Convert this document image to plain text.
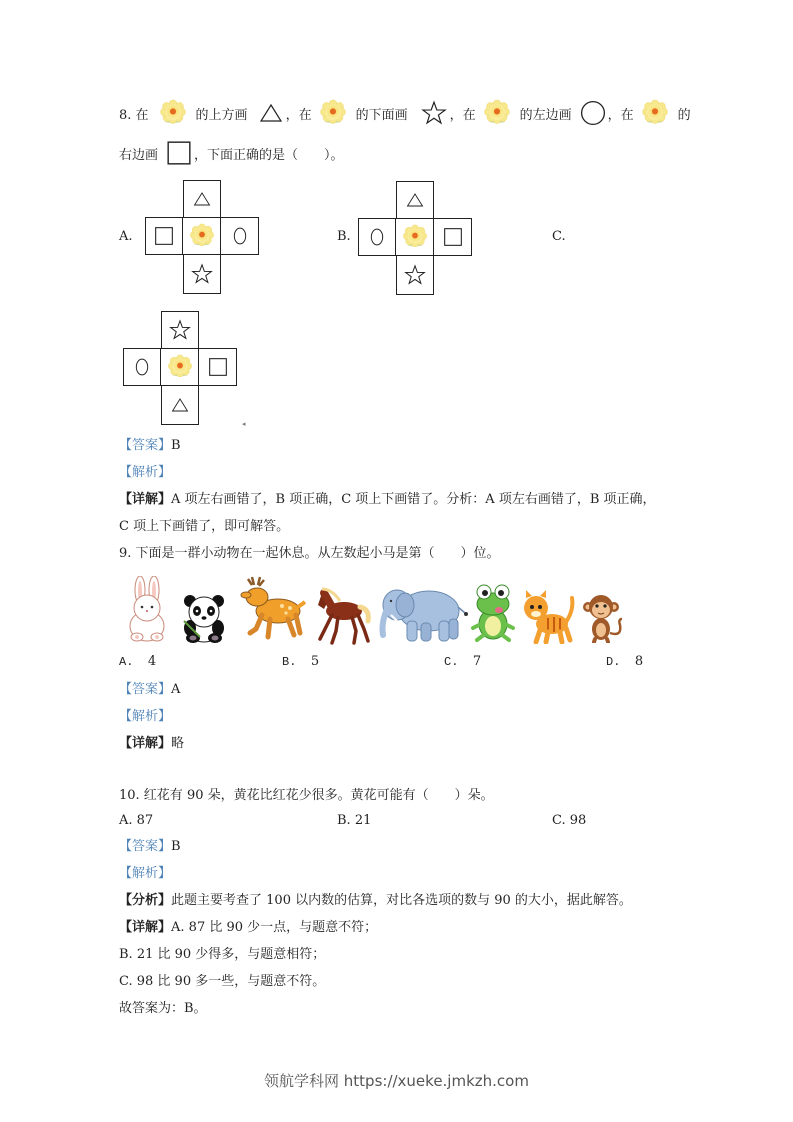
8. 在	的上方画	，在	的下面画	，在	的左边画	，在	的
右边画	，下面正确的是（　　）。
A.	B.	C.
◂
【答案】B
【解析】
【详解】A 项左右画错了，B 项正确，C 项上下画错了。分析：A 项左右画错了，B 项正确，
C 项上下画错了，即可解答。
9. 下面是一群小动物在一起休息。从左数起小马是第（　　）位。
A. 4	B. 5	C. 7	D. 8
【答案】A
【解析】
【详解】略
10. 红花有 90 朵，黄花比红花少很多。黄花可能有（　　）朵。
A. 87	B. 21	C. 98
【答案】B
【解析】
【分析】此题主要考查了 100 以内数的估算，对比各选项的数与 90 的大小，据此解答。
【详解】A. 87 比 90 少一点，与题意不符；
B. 21 比 90 少得多，与题意相符；
C. 98 比 90 多一些，与题意不符。
故答案为：B。
领航学科网 https://xueke.jmkzh.com
